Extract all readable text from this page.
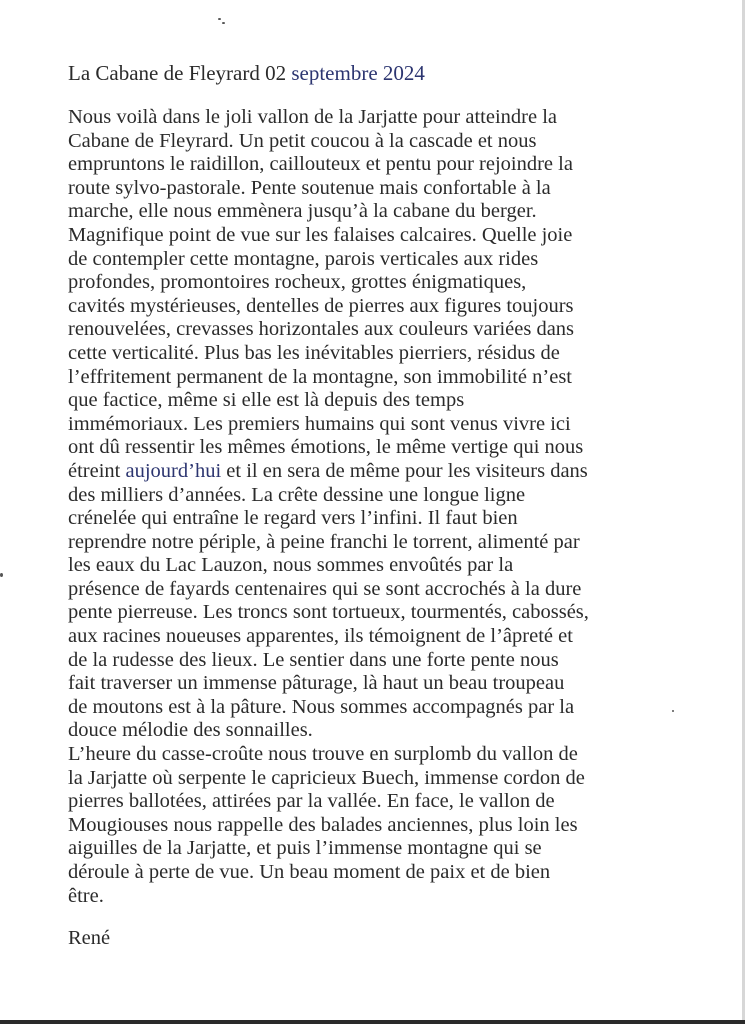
La Cabane de Fleyrard 02 septembre 2024
Nous voilà dans le joli vallon de la Jarjatte pour atteindre la
Cabane de Fleyrard. Un petit coucou à la cascade et nous
empruntons le raidillon, caillouteux et pentu pour rejoindre la
route sylvo-pastorale. Pente soutenue mais confortable à la
marche, elle nous emmènera jusqu’à la cabane du berger.
Magnifique point de vue sur les falaises calcaires. Quelle joie
de contempler cette montagne, parois verticales aux rides
profondes, promontoires rocheux, grottes énigmatiques,
cavités mystérieuses, dentelles de pierres aux figures toujours
renouvelées, crevasses horizontales aux couleurs variées dans
cette verticalité. Plus bas les inévitables pierriers, résidus de
l’effritement permanent de la montagne, son immobilité n’est
que factice, même si elle est là depuis des temps
immémoriaux. Les premiers humains qui sont venus vivre ici
ont dû ressentir les mêmes émotions, le même vertige qui nous
étreint aujourd’hui et il en sera de même pour les visiteurs dans
des milliers d’années. La crête dessine une longue ligne
crénelée qui entraîne le regard vers l’infini. Il faut bien
reprendre notre périple, à peine franchi le torrent, alimenté par
les eaux du Lac Lauzon, nous sommes envoûtés par la
présence de fayards centenaires qui se sont accrochés à la dure
pente pierreuse. Les troncs sont tortueux, tourmentés, cabossés,
aux racines noueuses apparentes, ils témoignent de l’âpreté et
de la rudesse des lieux. Le sentier dans une forte pente nous
fait traverser un immense pâturage, là haut un beau troupeau
de moutons est à la pâture. Nous sommes accompagnés par la
douce mélodie des sonnailles.
L’heure du casse-croûte nous trouve en surplomb du vallon de
la Jarjatte où serpente le capricieux Buech, immense cordon de
pierres ballotées, attirées par la vallée. En face, le vallon de
Mougiouses nous rappelle des balades anciennes, plus loin les
aiguilles de la Jarjatte, et puis l’immense montagne qui se
déroule à perte de vue. Un beau moment de paix et de bien
être.

René
